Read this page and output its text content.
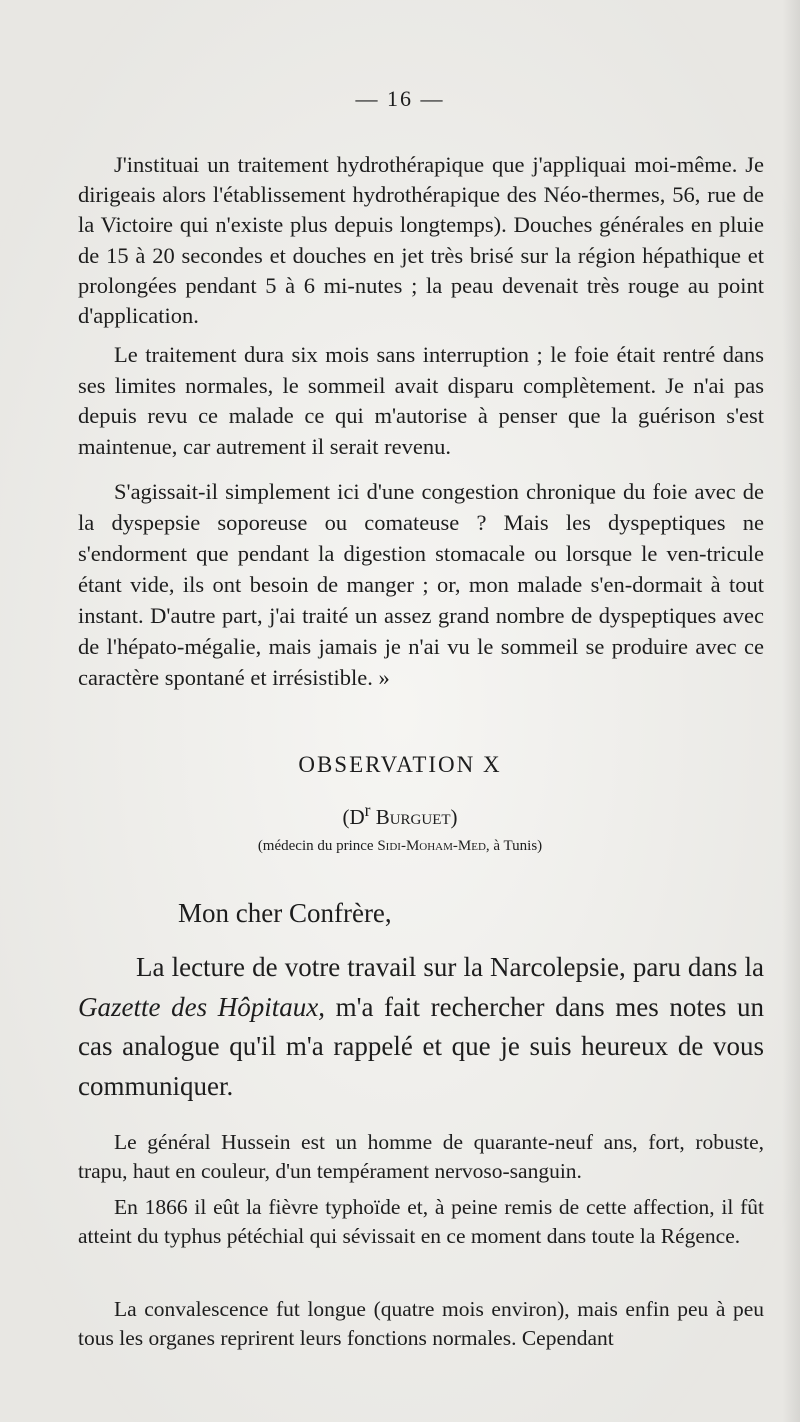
— 16 —

J'instituai un traitement hydrothérapique que j'appliquai moi-même. Je dirigeais alors l'établissement hydrothérapique des Néo-thermes, 56, rue de la Victoire qui n'existe plus depuis longtemps). Douches générales en pluie de 15 à 20 secondes et douches en jet très brisé sur la région hépathique et prolongées pendant 5 à 6 mi-nutes ; la peau devenait très rouge au point d'application.

Le traitement dura six mois sans interruption ; le foie était rentré dans ses limites normales, le sommeil avait disparu complètement. Je n'ai pas depuis revu ce malade ce qui m'autorise à penser que la guérison s'est maintenue, car autrement il serait revenu.

S'agissait-il simplement ici d'une congestion chronique du foie avec de la dyspepsie soporeuse ou comateuse ? Mais les dyspeptiques ne s'endorment que pendant la digestion stomacale ou lorsque le ven-tricule étant vide, ils ont besoin de manger ; or, mon malade s'en-dormait à tout instant. D'autre part, j'ai traité un assez grand nombre de dyspeptiques avec de l'hépato-mégalie, mais jamais je n'ai vu le sommeil se produire avec ce caractère spontané et irrésistible. »

OBSERVATION X
($D^r$ Burguet)
(médecin du prince Sidi-Moham-Med, à Tunis)
Mon cher Confrère,

La lecture de votre travail sur la Narcolepsie, paru dans la Gazette des Hôpitaux, m'a fait rechercher dans mes notes un cas analogue qu'il m'a rappelé et que je suis heureux de vous communiquer.

Le général Hussein est un homme de quarante-neuf ans, fort, robuste, trapu, haut en couleur, d'un tempérament nervoso-sanguin.

En 1866 il eût la fièvre typhoïde et, à peine remis de cette affection, il fût atteint du typhus pétéchial qui sévissait en ce moment dans toute la Régence.

La convalescence fut longue (quatre mois environ), mais enfin peu à peu tous les organes reprirent leurs fonctions normales. Cependant
